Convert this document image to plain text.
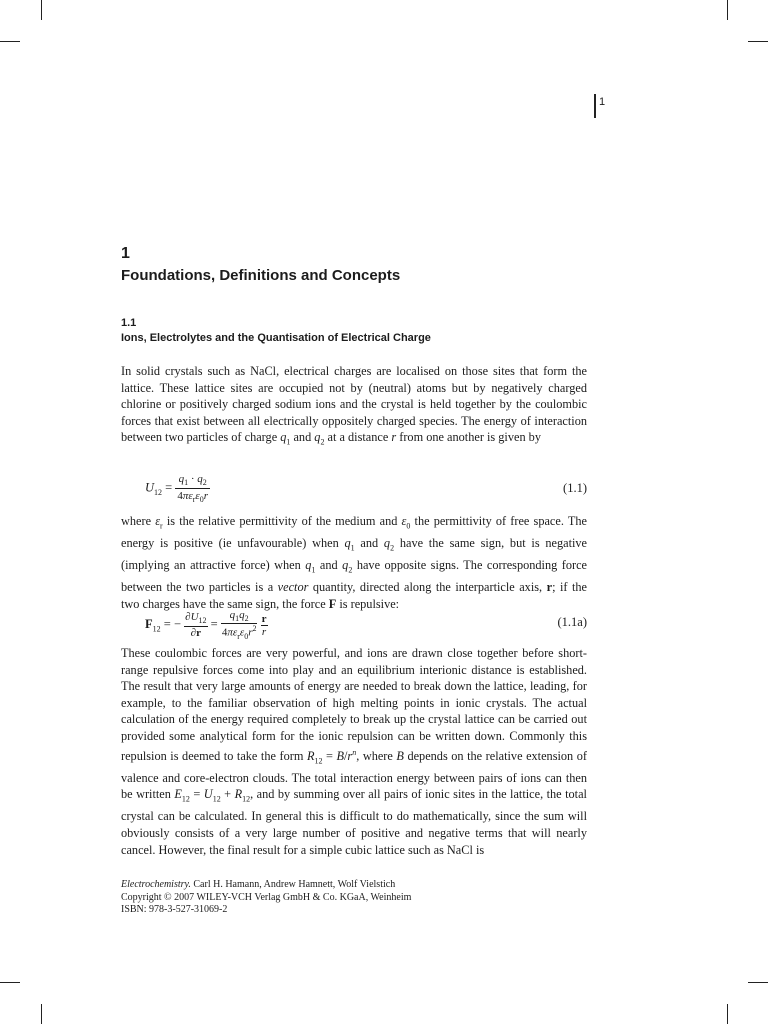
1
1
Foundations, Definitions and Concepts
1.1
Ions, Electrolytes and the Quantisation of Electrical Charge
In solid crystals such as NaCl, electrical charges are localised on those sites that form the lattice. These lattice sites are occupied not by (neutral) atoms but by negatively charged chlorine or positively charged sodium ions and the crystal is held together by the coulombic forces that exist between all electrically oppositely charged species. The energy of interaction between two particles of charge $q_1$ and $q_2$ at a distance r from one another is given by
$U_{12} = \frac{q_1 \cdot q_2}{4\pi\varepsilon_r\varepsilon_0r}$	(1.1)
where $\varepsilon_r$ is the relative permittivity of the medium and $\varepsilon_0$ the permittivity of free space. The energy is positive (ie unfavourable) when $q_1$ and $q_2$ have the same sign, but is negative (implying an attractive force) when $q_1$ and $q_2$ have opposite signs. The corresponding force between the two particles is a vector quantity, directed along the interparticle axis, r; if the two charges have the same sign, the force F is repulsive:
$F_{12}$ = − $\frac{\partial U_{12}}{\partial r} = \frac{q_1q_2}{4\pi\varepsilon_r\varepsilon_0r^2}$
$\frac{r}{r}$	(1.1a)
These coulombic forces are very powerful, and ions are drawn close together before short-range repulsive forces come into play and an equilibrium interionic distance is established. The result that very large amounts of energy are needed to break down the lattice, leading, for example, to the familiar observation of high melting points in ionic crystals. The actual calculation of the energy required completely to break up the crystal lattice can be carried out provided some analytical form for the ionic repulsion can be written down. Commonly this repulsion is deemed to take the form $R_{12} = B/r^n$, where B depends on the relative extension of valence and core-electron clouds. The total interaction energy between pairs of ions can then be written $E_{12} = U_{12} + R_{12}$, and by summing over all pairs of ionic sites in the lattice, the total crystal can be calculated. In general this is difficult to do mathematically, since the sum will obviously consists of a very large number of positive and negative terms that will nearly cancel. However, the final result for a simple cubic lattice such as NaCl is
Electrochemistry. Carl H. Hamann, Andrew Hamnett, Wolf Vielstich
Copyright © 2007 WILEY-VCH Verlag GmbH & Co. KGaA, Weinheim
ISBN: 978-3-527-31069-2
